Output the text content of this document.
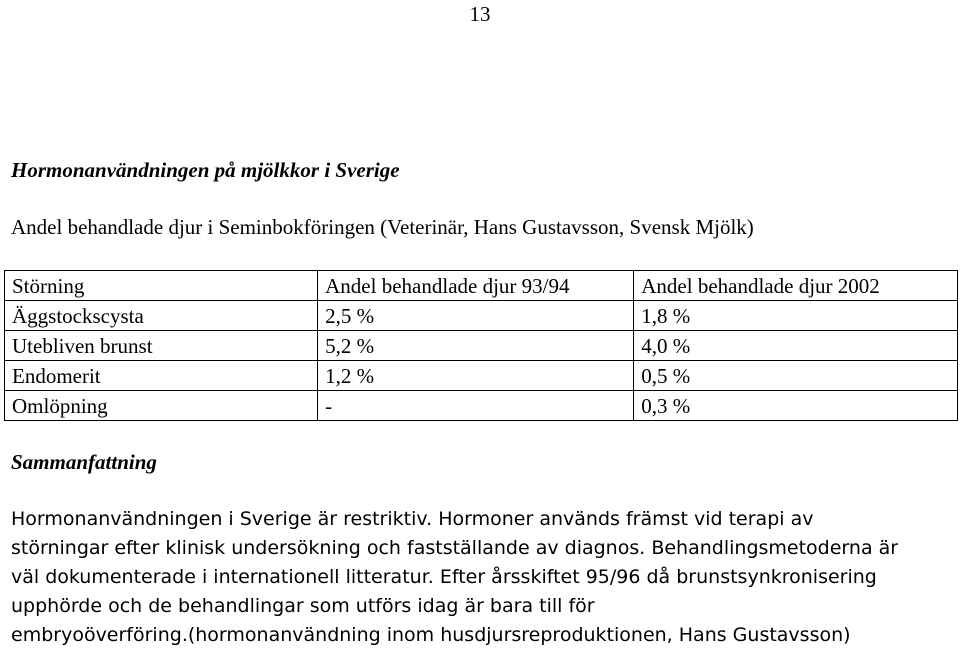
13
Hormonanvändningen på mjölkkor i Sverige
Andel behandlade djur i Seminbokföringen (Veterinär, Hans Gustavsson, Svensk Mjölk)
Störning	Andel behandlade djur 93/94	Andel behandlade djur 2002
Äggstockscysta	2,5 %	1,8 %
Utebliven brunst	5,2 %	4,0 %
Endomerit	1,2 %	0,5 %
Omlöpning	-	0,3 %
Sammanfattning
Hormonanvändningen i Sverige är restriktiv. Hormoner används främst vid terapi av
störningar efter klinisk undersökning och fastställande av diagnos. Behandlingsmetoderna är
väl dokumenterade i internationell litteratur. Efter årsskiftet 95/96 då brunstsynkronisering
upphörde och de behandlingar som utförs idag är bara till för
embryoöverföring.(hormonanvändning inom husdjursreproduktionen, Hans Gustavsson)
